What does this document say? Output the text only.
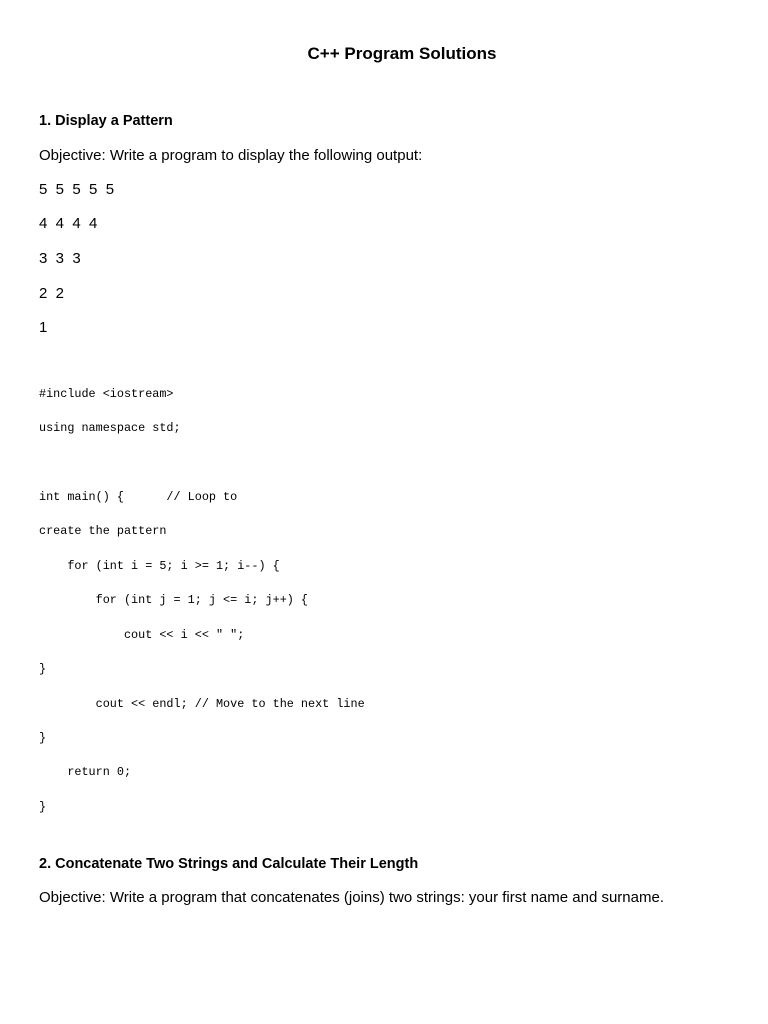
C++ Program Solutions
1. Display a Pattern
Objective: Write a program to display the following output:
5  5  5  5  5
4  4  4  4
3  3  3
2  2
1
#include <iostream>
using namespace std;
int main() {      // Loop to
create the pattern
for (int i = 5; i >= 1; i--) {
for (int j = 1; j <= i; j++) {
cout << i << " ";
}
cout << endl; // Move to the next line
}
return 0;
}
2. Concatenate Two Strings and Calculate Their Length
Objective: Write a program that concatenates (joins) two strings: your first name and surname.
